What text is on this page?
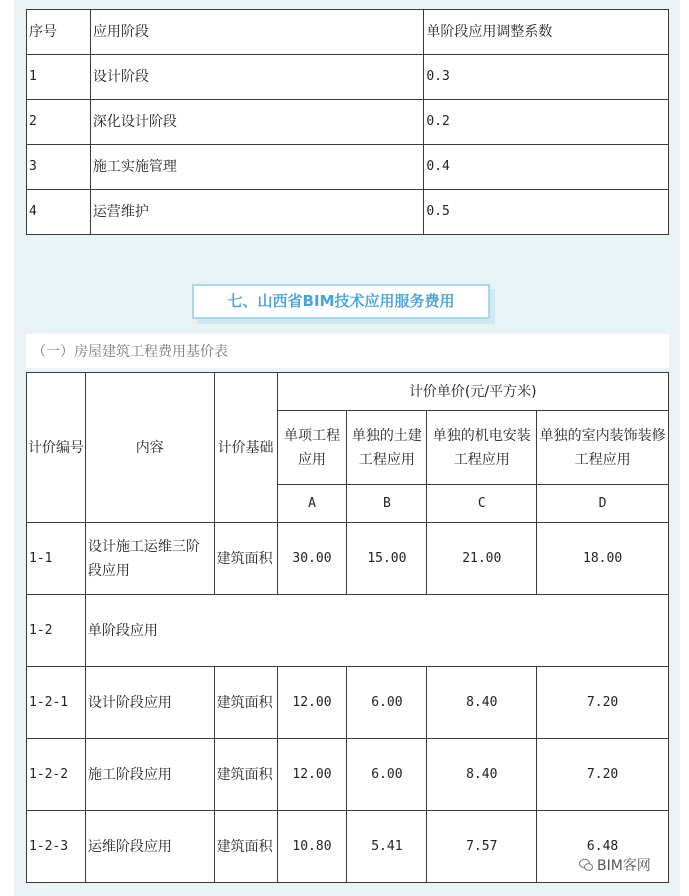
序号	应用阶段	单阶段应用调整系数
1	设计阶段	0.3
2	深化设计阶段	0.2
3	施工实施管理	0.4
4	运营维护	0.5
七、山西省BIM技术应用服务费用
（一）房屋建筑工程费用基价表
计价编号	内容	计价基础	计价单价(元/平方米)			
			单项工程应用	单独的土建工程应用	单独的机电安装工程应用	单独的室内装饰装修工程应用
			A	B	C	D
1-1	设计施工运维三阶段应用	建筑面积	30.00	15.00	21.00	18.00
1-2	单阶段应用					
1-2-1	设计阶段应用	建筑面积	12.00	6.00	8.40	7.20
1-2-2	施工阶段应用	建筑面积	12.00	6.00	8.40	7.20
1-2-3	运维阶段应用	建筑面积	10.80	5.41	7.57	6.48
BIM客网
